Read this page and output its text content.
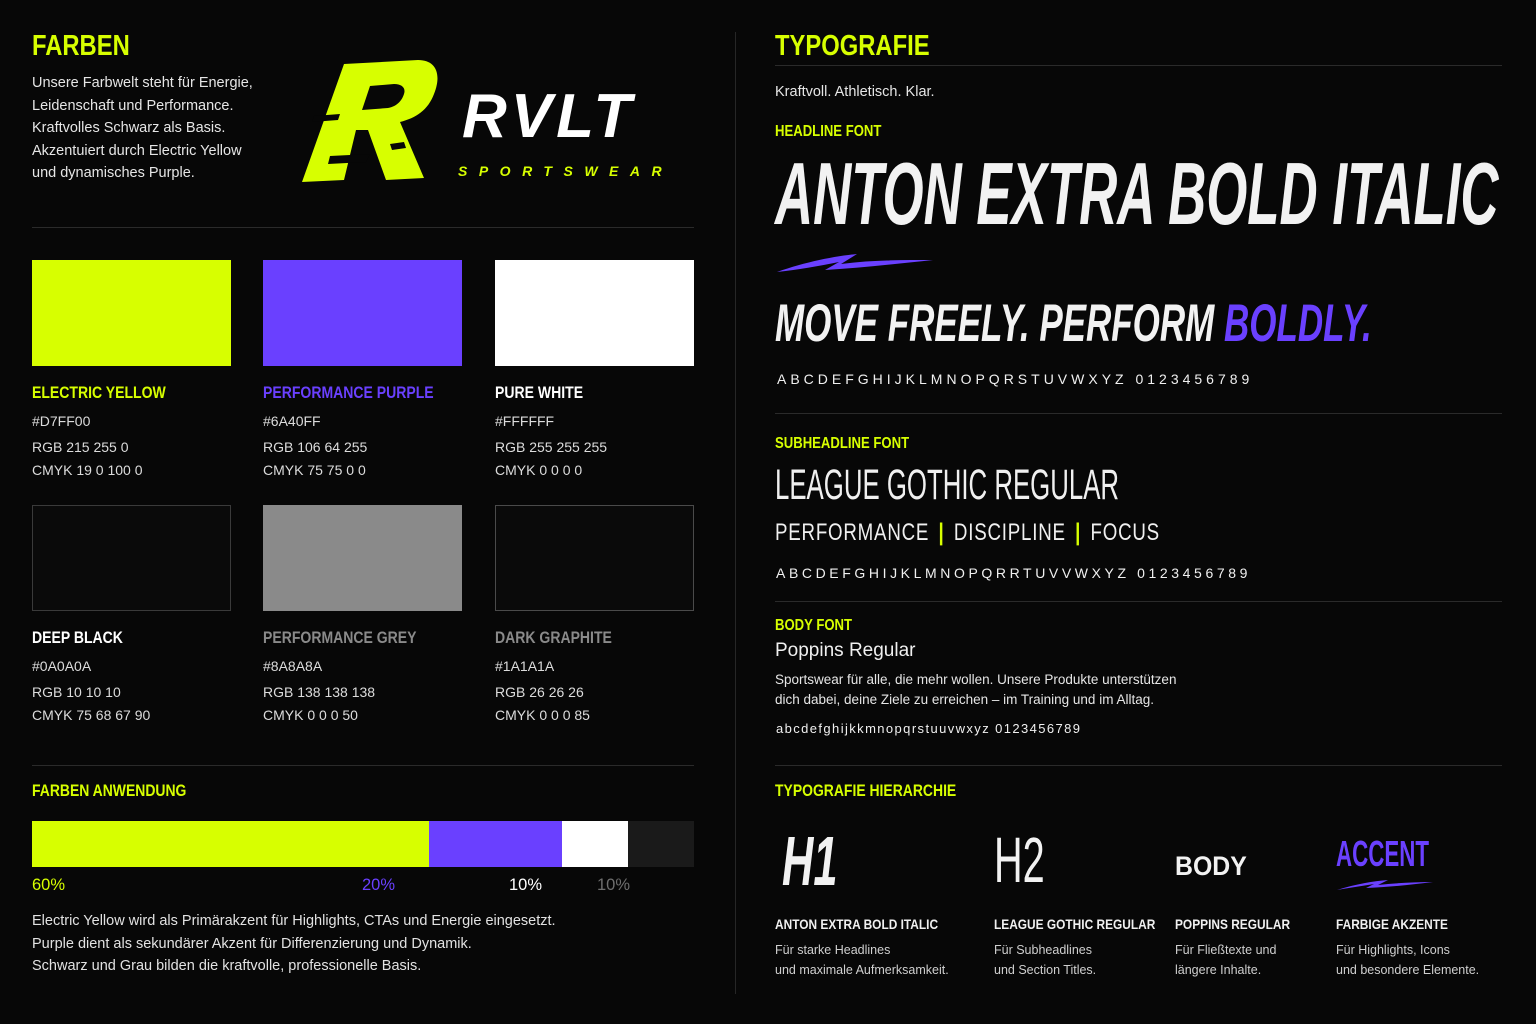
FARBEN
Unsere Farbwelt steht für Energie,
Leidenschaft und Performance.
Kraftvolles Schwarz als Basis.
Akzentuiert durch Electric Yellow
und dynamisches Purple.
RVLT
SPORTSWEAR
ELECTRIC YELLOW
#D7FF00
RGB 215 255 0
CMYK 19 0 100 0
PERFORMANCE PURPLE
#6A40FF
RGB 106 64 255
CMYK 75 75 0 0
PURE WHITE
#FFFFFF
RGB 255 255 255
CMYK 0 0 0 0
DEEP BLACK
#0A0A0A
RGB 10 10 10
CMYK 75 68 67 90
PERFORMANCE GREY
#8A8A8A
RGB 138 138 138
CMYK 0 0 0 50
DARK GRAPHITE
#1A1A1A
RGB 26 26 26
CMYK 0 0 0 85
FARBEN ANWENDUNG
60%	20%	10%	10%
Electric Yellow wird als Primärakzent für Highlights, CTAs und Energie eingesetzt.
Purple dient als sekundärer Akzent für Differenzierung und Dynamik.
Schwarz und Grau bilden die kraftvolle, professionelle Basis.
TYPOGRAFIE
Kraftvoll. Athletisch. Klar.
HEADLINE FONT
ANTON EXTRA BOLD ITALIC
MOVE FREELY. PERFORM BOLDLY.
ABCDEFGHIJKLMNOPQRSTUVWXYZ 0123456789
SUBHEADLINE FONT
LEAGUE GOTHIC REGULAR
PERFORMANCE | DISCIPLINE | FOCUS
ABCDEFGHIJKLMNOPQRRTUVVWXYZ 0123456789
BODY FONT
Poppins Regular
Sportswear für alle, die mehr wollen. Unsere Produkte unterstützen
dich dabei, deine Ziele zu erreichen – im Training und im Alltag.
abcdefghijkkmnopqrstuuvwxyz 0123456789
TYPOGRAFIE HIERARCHIE
H1 H2	BODY ACCENT
ANTON EXTRA BOLD ITALIC
Für starke Headlines
und maximale Aufmerksamkeit.
LEAGUE GOTHIC REGULAR
Für Subheadlines
und Section Titles.
POPPINS REGULAR
Für Fließtexte und
längere Inhalte.
FARBIGE AKZENTE
Für Highlights, Icons
und besondere Elemente.
